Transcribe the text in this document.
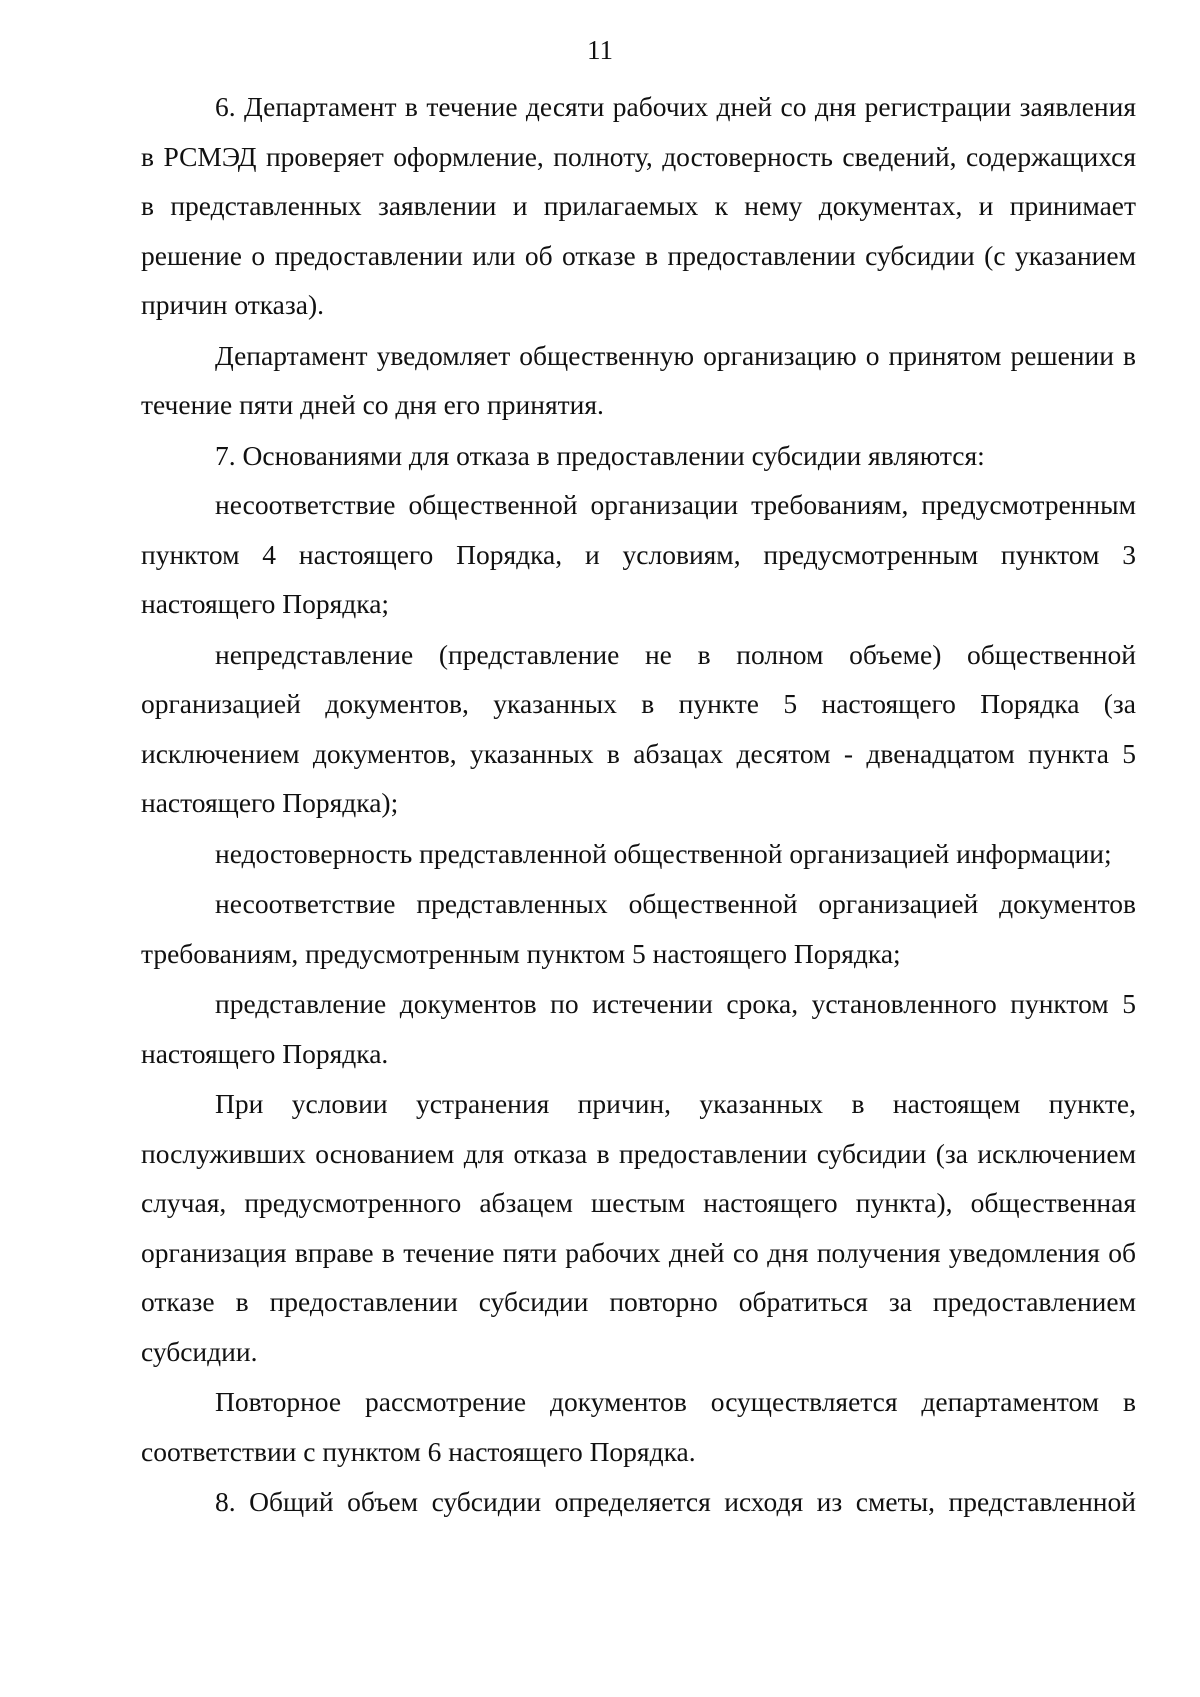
11

6. Департамент в течение десяти рабочих дней со дня регистрации заявления в РСМЭД проверяет оформление, полноту, достоверность сведений, содержащихся в представленных заявлении и прилагаемых к нему документах, и принимает решение о предоставлении или об отказе в предоставлении субсидии (с указанием причин отказа).

Департамент уведомляет общественную организацию о принятом решении в течение пяти дней со дня его принятия.

7. Основаниями для отказа в предоставлении субсидии являются:

несоответствие общественной организации требованиям, предусмотренным пунктом 4 настоящего Порядка, и условиям, предусмотренным пунктом 3 настоящего Порядка;

непредставление (представление не в полном объеме) общественной организацией документов, указанных в пункте 5 настоящего Порядка (за исключением документов, указанных в абзацах десятом - двенадцатом пункта 5 настоящего Порядка);

недостоверность представленной общественной организацией информации;

несоответствие представленных общественной организацией документов требованиям, предусмотренным пунктом 5 настоящего Порядка;

представление документов по истечении срока, установленного пунктом 5 настоящего Порядка.

При условии устранения причин, указанных в настоящем пункте, послуживших основанием для отказа в предоставлении субсидии (за исключением случая, предусмотренного абзацем шестым настоящего пункта), общественная организация вправе в течение пяти рабочих дней со дня получения уведомления об отказе в предоставлении субсидии повторно обратиться за предоставлением субсидии.

Повторное рассмотрение документов осуществляется департаментом в соответствии с пунктом 6 настоящего Порядка.

8. Общий объем субсидии определяется исходя из сметы, представленной
